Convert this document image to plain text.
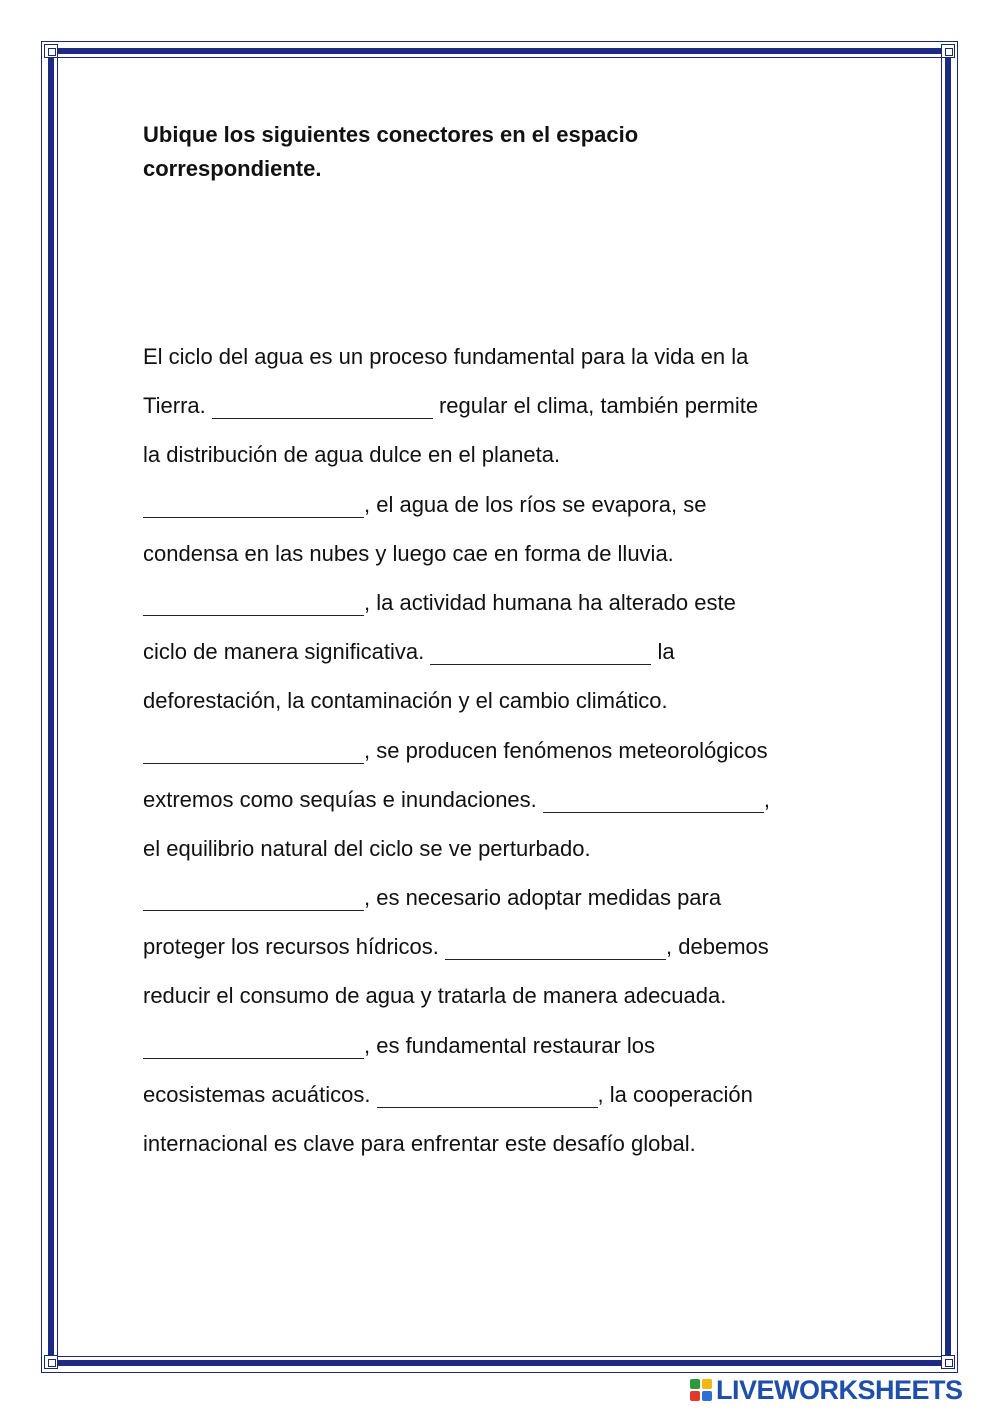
Ubique los siguientes conectores en el espacio
correspondiente.
El ciclo del agua es un proceso fundamental para la vida en la
Tierra.	regular el clima, también permite
la distribución de agua dulce en el planeta.
, el agua de los ríos se evapora, se
condensa en las nubes y luego cae en forma de lluvia.
, la actividad humana ha alterado este
ciclo de manera significativa.	la
deforestación, la contaminación y el cambio climático.
, se producen fenómenos meteorológicos
extremos como sequías e inundaciones.	,
el equilibrio natural del ciclo se ve perturbado.
, es necesario adoptar medidas para
proteger los recursos hídricos.	, debemos
reducir el consumo de agua y tratarla de manera adecuada.
, es fundamental restaurar los
ecosistemas acuáticos.	, la cooperación
internacional es clave para enfrentar este desafío global.
LIVEWORKSHEETS
